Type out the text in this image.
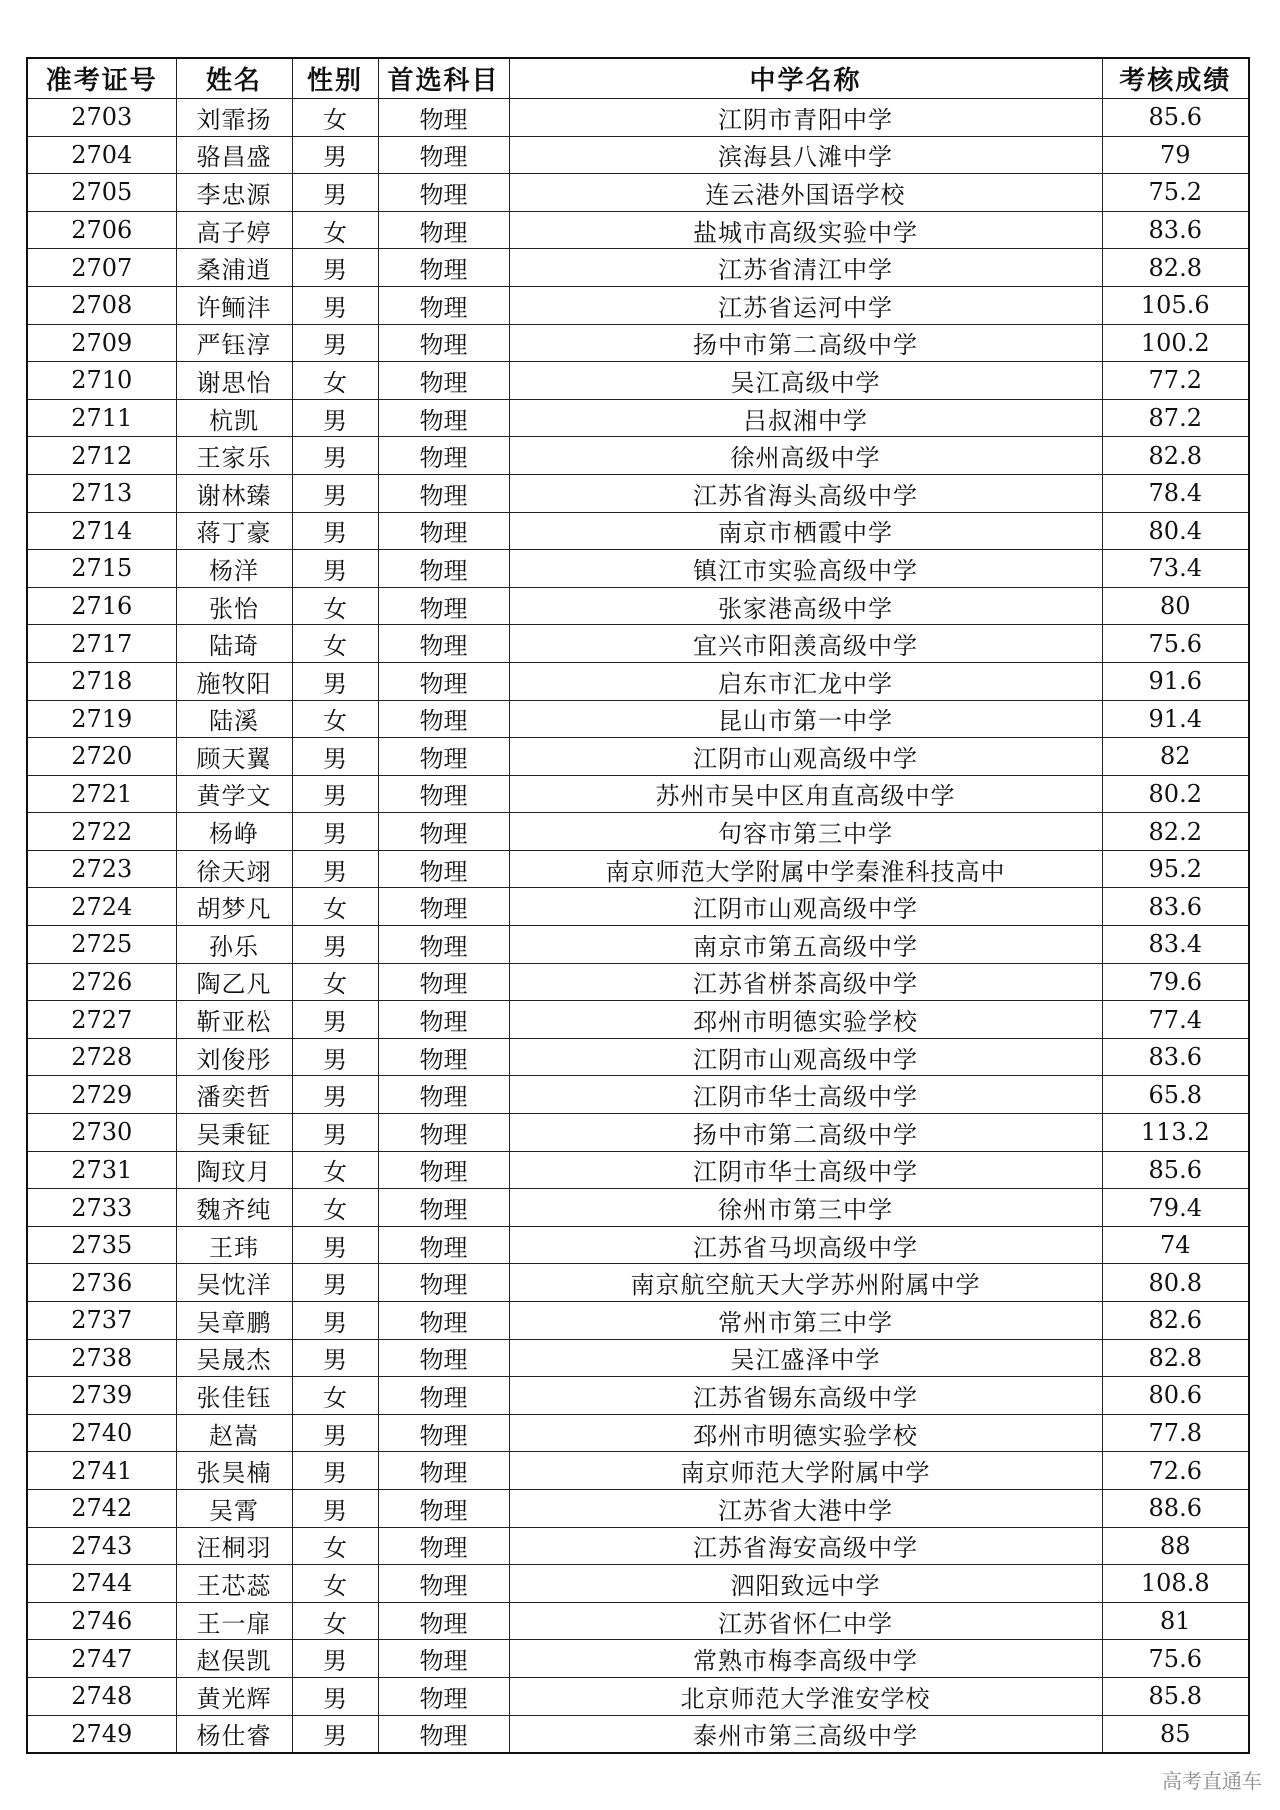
准考证号	姓名	性别	首选科目	中学名称	考核成绩
2703	刘霏扬	女	物理	江阴市青阳中学	85.6
2704	骆昌盛	男	物理	滨海县八滩中学	79
2705	李忠源	男	物理	连云港外国语学校	75.2
2706	高子婷	女	物理	盐城市高级实验中学	83.6
2707	桑浦逍	男	物理	江苏省清江中学	82.8
2708	许鲕沣	男	物理	江苏省运河中学	105.6
2709	严钰淳	男	物理	扬中市第二高级中学	100.2
2710	谢思怡	女	物理	吴江高级中学	77.2
2711	杭凯	男	物理	吕叔湘中学	87.2
2712	王家乐	男	物理	徐州高级中学	82.8
2713	谢林臻	男	物理	江苏省海头高级中学	78.4
2714	蒋丁豪	男	物理	南京市栖霞中学	80.4
2715	杨洋	男	物理	镇江市实验高级中学	73.4
2716	张怡	女	物理	张家港高级中学	80
2717	陆琦	女	物理	宜兴市阳羡高级中学	75.6
2718	施牧阳	男	物理	启东市汇龙中学	91.6
2719	陆溪	女	物理	昆山市第一中学	91.4
2720	顾天翼	男	物理	江阴市山观高级中学	82
2721	黄学文	男	物理	苏州市吴中区甪直高级中学	80.2
2722	杨峥	男	物理	句容市第三中学	82.2
2723	徐天翊	男	物理	南京师范大学附属中学秦淮科技高中	95.2
2724	胡梦凡	女	物理	江阴市山观高级中学	83.6
2725	孙乐	男	物理	南京市第五高级中学	83.4
2726	陶乙凡	女	物理	江苏省栟茶高级中学	79.6
2727	靳亚松	男	物理	邳州市明德实验学校	77.4
2728	刘俊彤	男	物理	江阴市山观高级中学	83.6
2729	潘奕哲	男	物理	江阴市华士高级中学	65.8
2730	吴秉钲	男	物理	扬中市第二高级中学	113.2
2731	陶玟月	女	物理	江阴市华士高级中学	85.6
2733	魏齐纯	女	物理	徐州市第三中学	79.4
2735	王玮	男	物理	江苏省马坝高级中学	74
2736	吴忱洋	男	物理	南京航空航天大学苏州附属中学	80.8
2737	吴章鹏	男	物理	常州市第三中学	82.6
2738	吴晟杰	男	物理	吴江盛泽中学	82.8
2739	张佳钰	女	物理	江苏省锡东高级中学	80.6
2740	赵嵩	男	物理	邳州市明德实验学校	77.8
2741	张昊楠	男	物理	南京师范大学附属中学	72.6
2742	吴霄	男	物理	江苏省大港中学	88.6
2743	汪桐羽	女	物理	江苏省海安高级中学	88
2744	王芯蕊	女	物理	泗阳致远中学	108.8
2746	王一扉	女	物理	江苏省怀仁中学	81
2747	赵俣凯	男	物理	常熟市梅李高级中学	75.6
2748	黄光辉	男	物理	北京师范大学淮安学校	85.8
2749	杨仕睿	男	物理	泰州市第三高级中学	85
高考直通车
